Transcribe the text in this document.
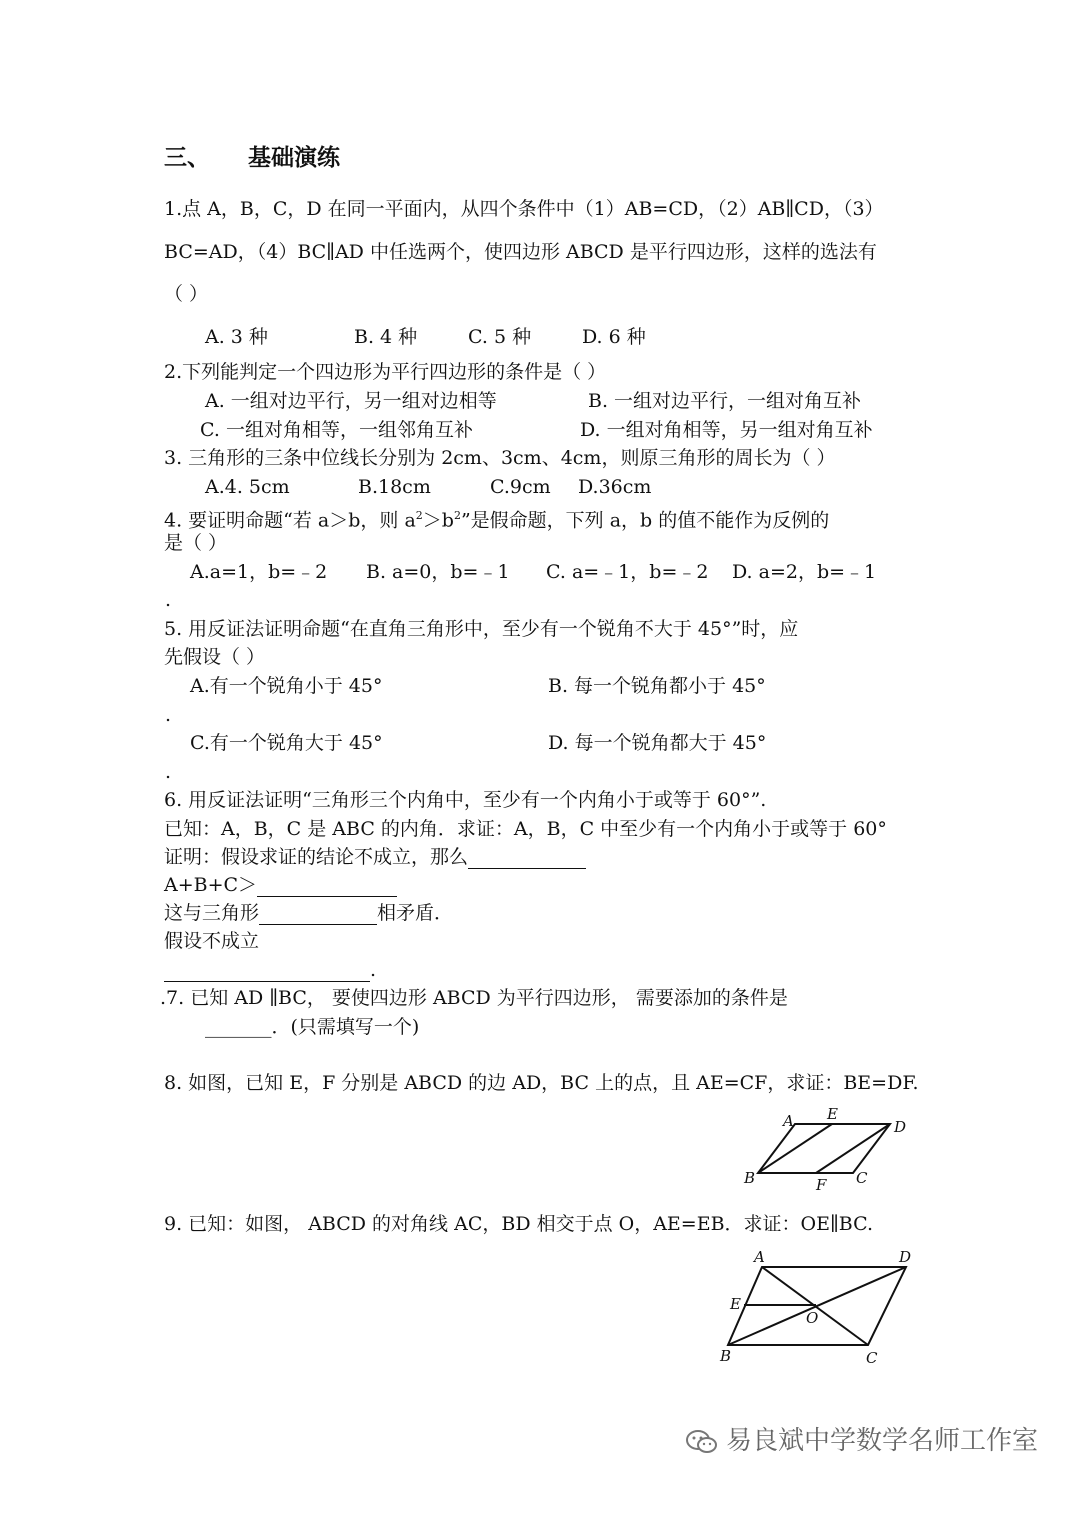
三、 基础演练
1.点 A，B，C，D 在同一平面内，从四个条件中（1）AB=CD，（2）AB∥CD，（3）
BC=AD，（4）BC∥AD 中任选两个，使四边形 ABCD 是平行四边形，这样的选法有
（ ）
A. 3 种	B. 4 种	C. 5 种	D. 6 种
2.下列能判定一个四边形为平行四边形的条件是（ ）
A. 一组对边平行，另一组对边相等	B. 一组对边平行，一组对角互补
C. 一组对角相等，一组邻角互补	D. 一组对角相等，另一组对角互补
3. 三角形的三条中位线长分别为 2cm、3cm、4cm，则原三角形的周长为（ ）
A.4. 5cm	B.18cm	C.9cm D.36cm
4. 要证明命题“若 a＞b，则 $a^2>b^2$”是假命题，下列 a，b 的值不能作为反例的
是（ ）
A.a=1，b=﹣2 B. a=0，b=﹣1 C. a=﹣1，b=﹣2 D. a=2，b=﹣1
.
5. 用反证法证明命题“在直角三角形中，至少有一个锐角不大于 45°”时，应
先假设（ ）
A.有一个锐角小于 45°	B. 每一个锐角都小于 45°
.
C.有一个锐角大于 45°	D. 每一个锐角都大于 45°
.
6. 用反证法证明“三角形三个内角中，至少有一个内角小于或等于 60°”.
已知：A，B，C 是 ABC 的内角．求证：A，B，C 中至少有一个内角小于或等于 60°
证明：假设求证的结论不成立，那么
A+B+C＞
这与三角形	相矛盾．
假设不成立
.
.7. 已知 AD ∥BC， 要使四边形 ABCD 为平行四边形， 需要添加的条件是
_______．(只需填写一个)
8. 如图，已知 E，F 分别是 ABCD 的边 AD，BC 上的点，且 AE=CF，求证：BE=DF.
A E
D
B	F C
9. 已知：如图， ABCD 的对角线 AC，BD 相交于点 O，AE=EB．求证：OE∥BC.
A	D
E
O
B	C
易良斌中学数学名师工作室
